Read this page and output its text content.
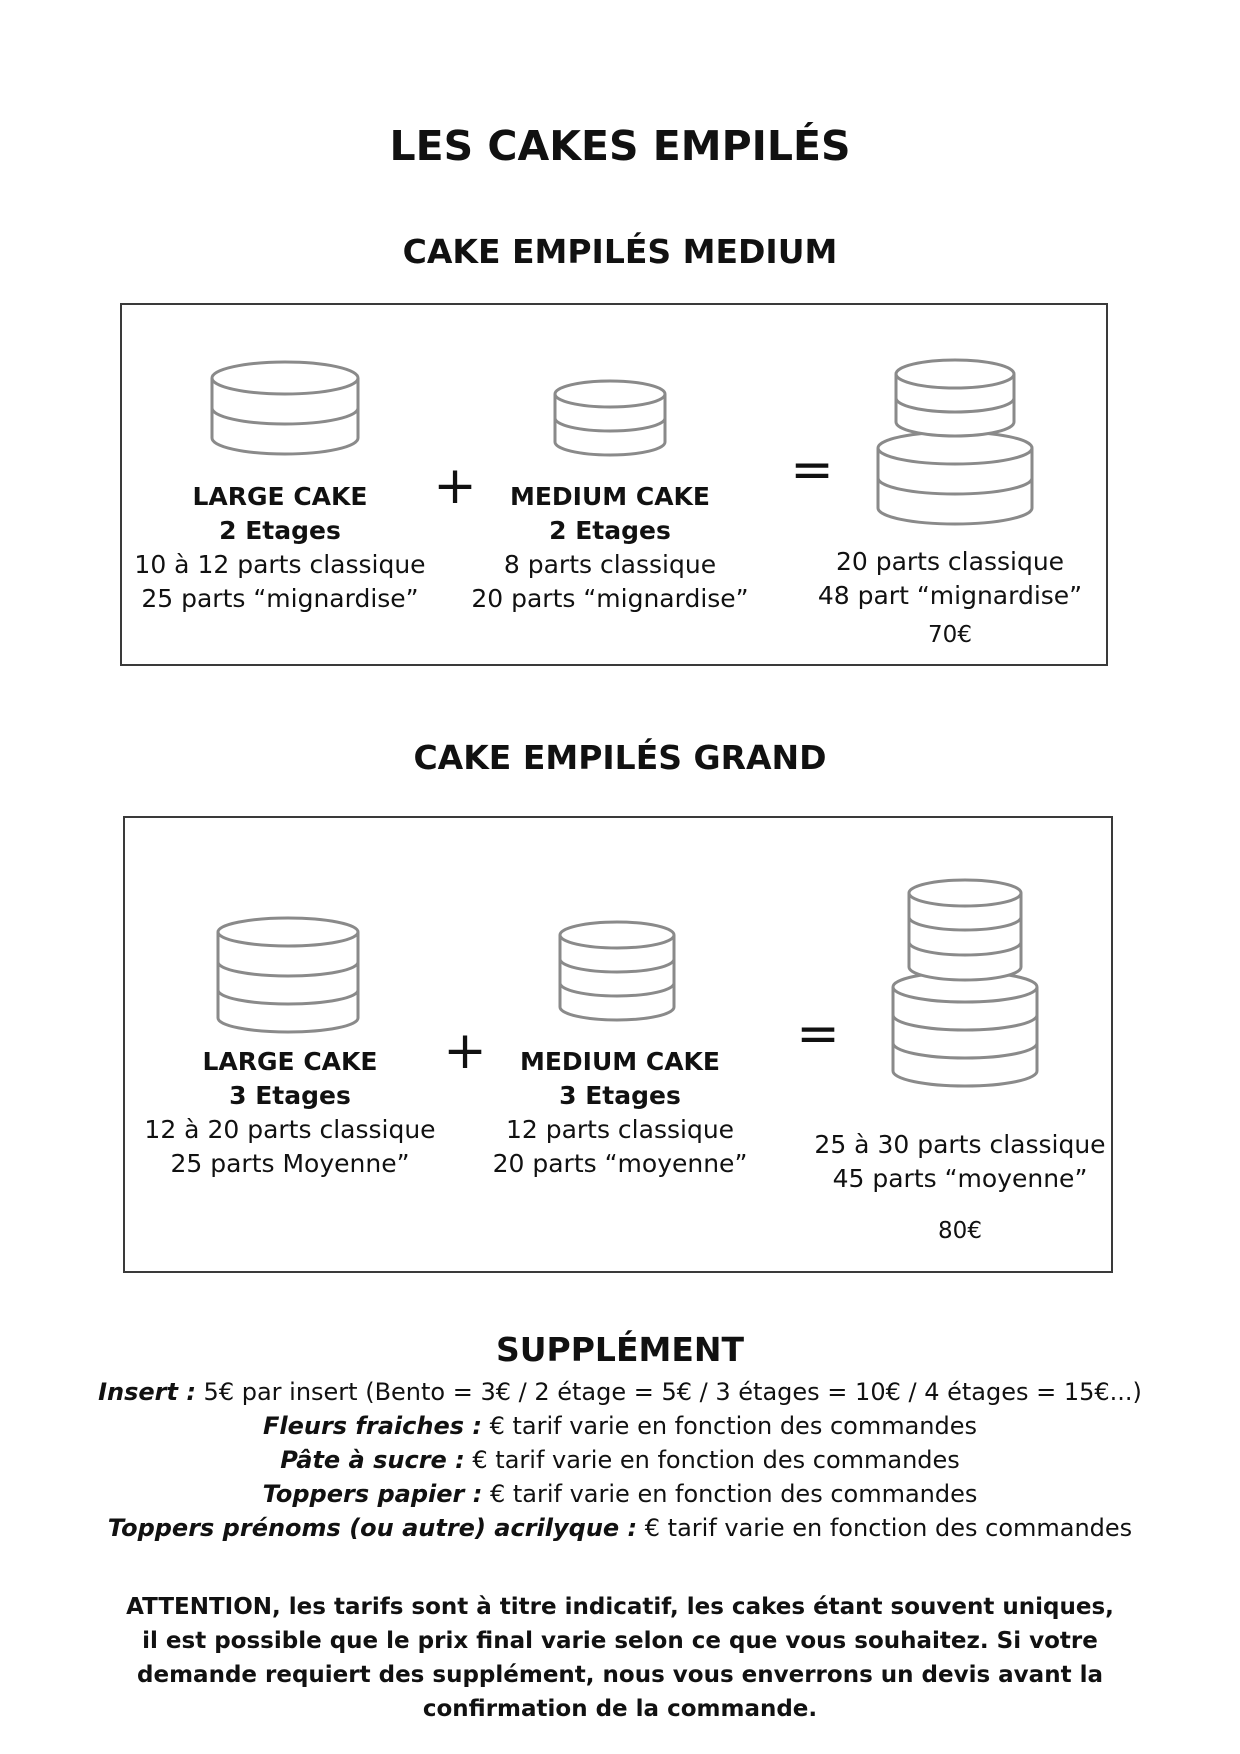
LES CAKES EMPILÉS
CAKE EMPILÉS MEDIUM
+	=
LARGE CAKE
2 Etages
10 à 12 parts classique
25 parts “mignardise”
MEDIUM CAKE
2 Etages
8 parts classique
20 parts “mignardise”
20 parts classique
48 part “mignardise”
70€
CAKE EMPILÉS GRAND
+	=
LARGE CAKE
3 Etages
12 à 20 parts classique
25 parts Moyenne”
MEDIUM CAKE
3 Etages
12 parts classique
20 parts “moyenne”
25 à 30 parts classique
45 parts “moyenne”
80€
SUPPLÉMENT
Insert : 5€ par insert (Bento = 3€ / 2 étage = 5€ / 3 étages = 10€ / 4 étages = 15€...)
Fleurs fraiches : € tarif varie en fonction des commandes
Pâte à sucre : € tarif varie en fonction des commandes
Toppers papier : € tarif varie en fonction des commandes
Toppers prénoms (ou autre) acrilyque : € tarif varie en fonction des commandes
ATTENTION, les tarifs sont à titre indicatif, les cakes étant souvent uniques, il est possible que le prix final varie selon ce que vous souhaitez. Si votre demande requiert des supplément, nous vous enverrons un devis avant la confirmation de la commande.
